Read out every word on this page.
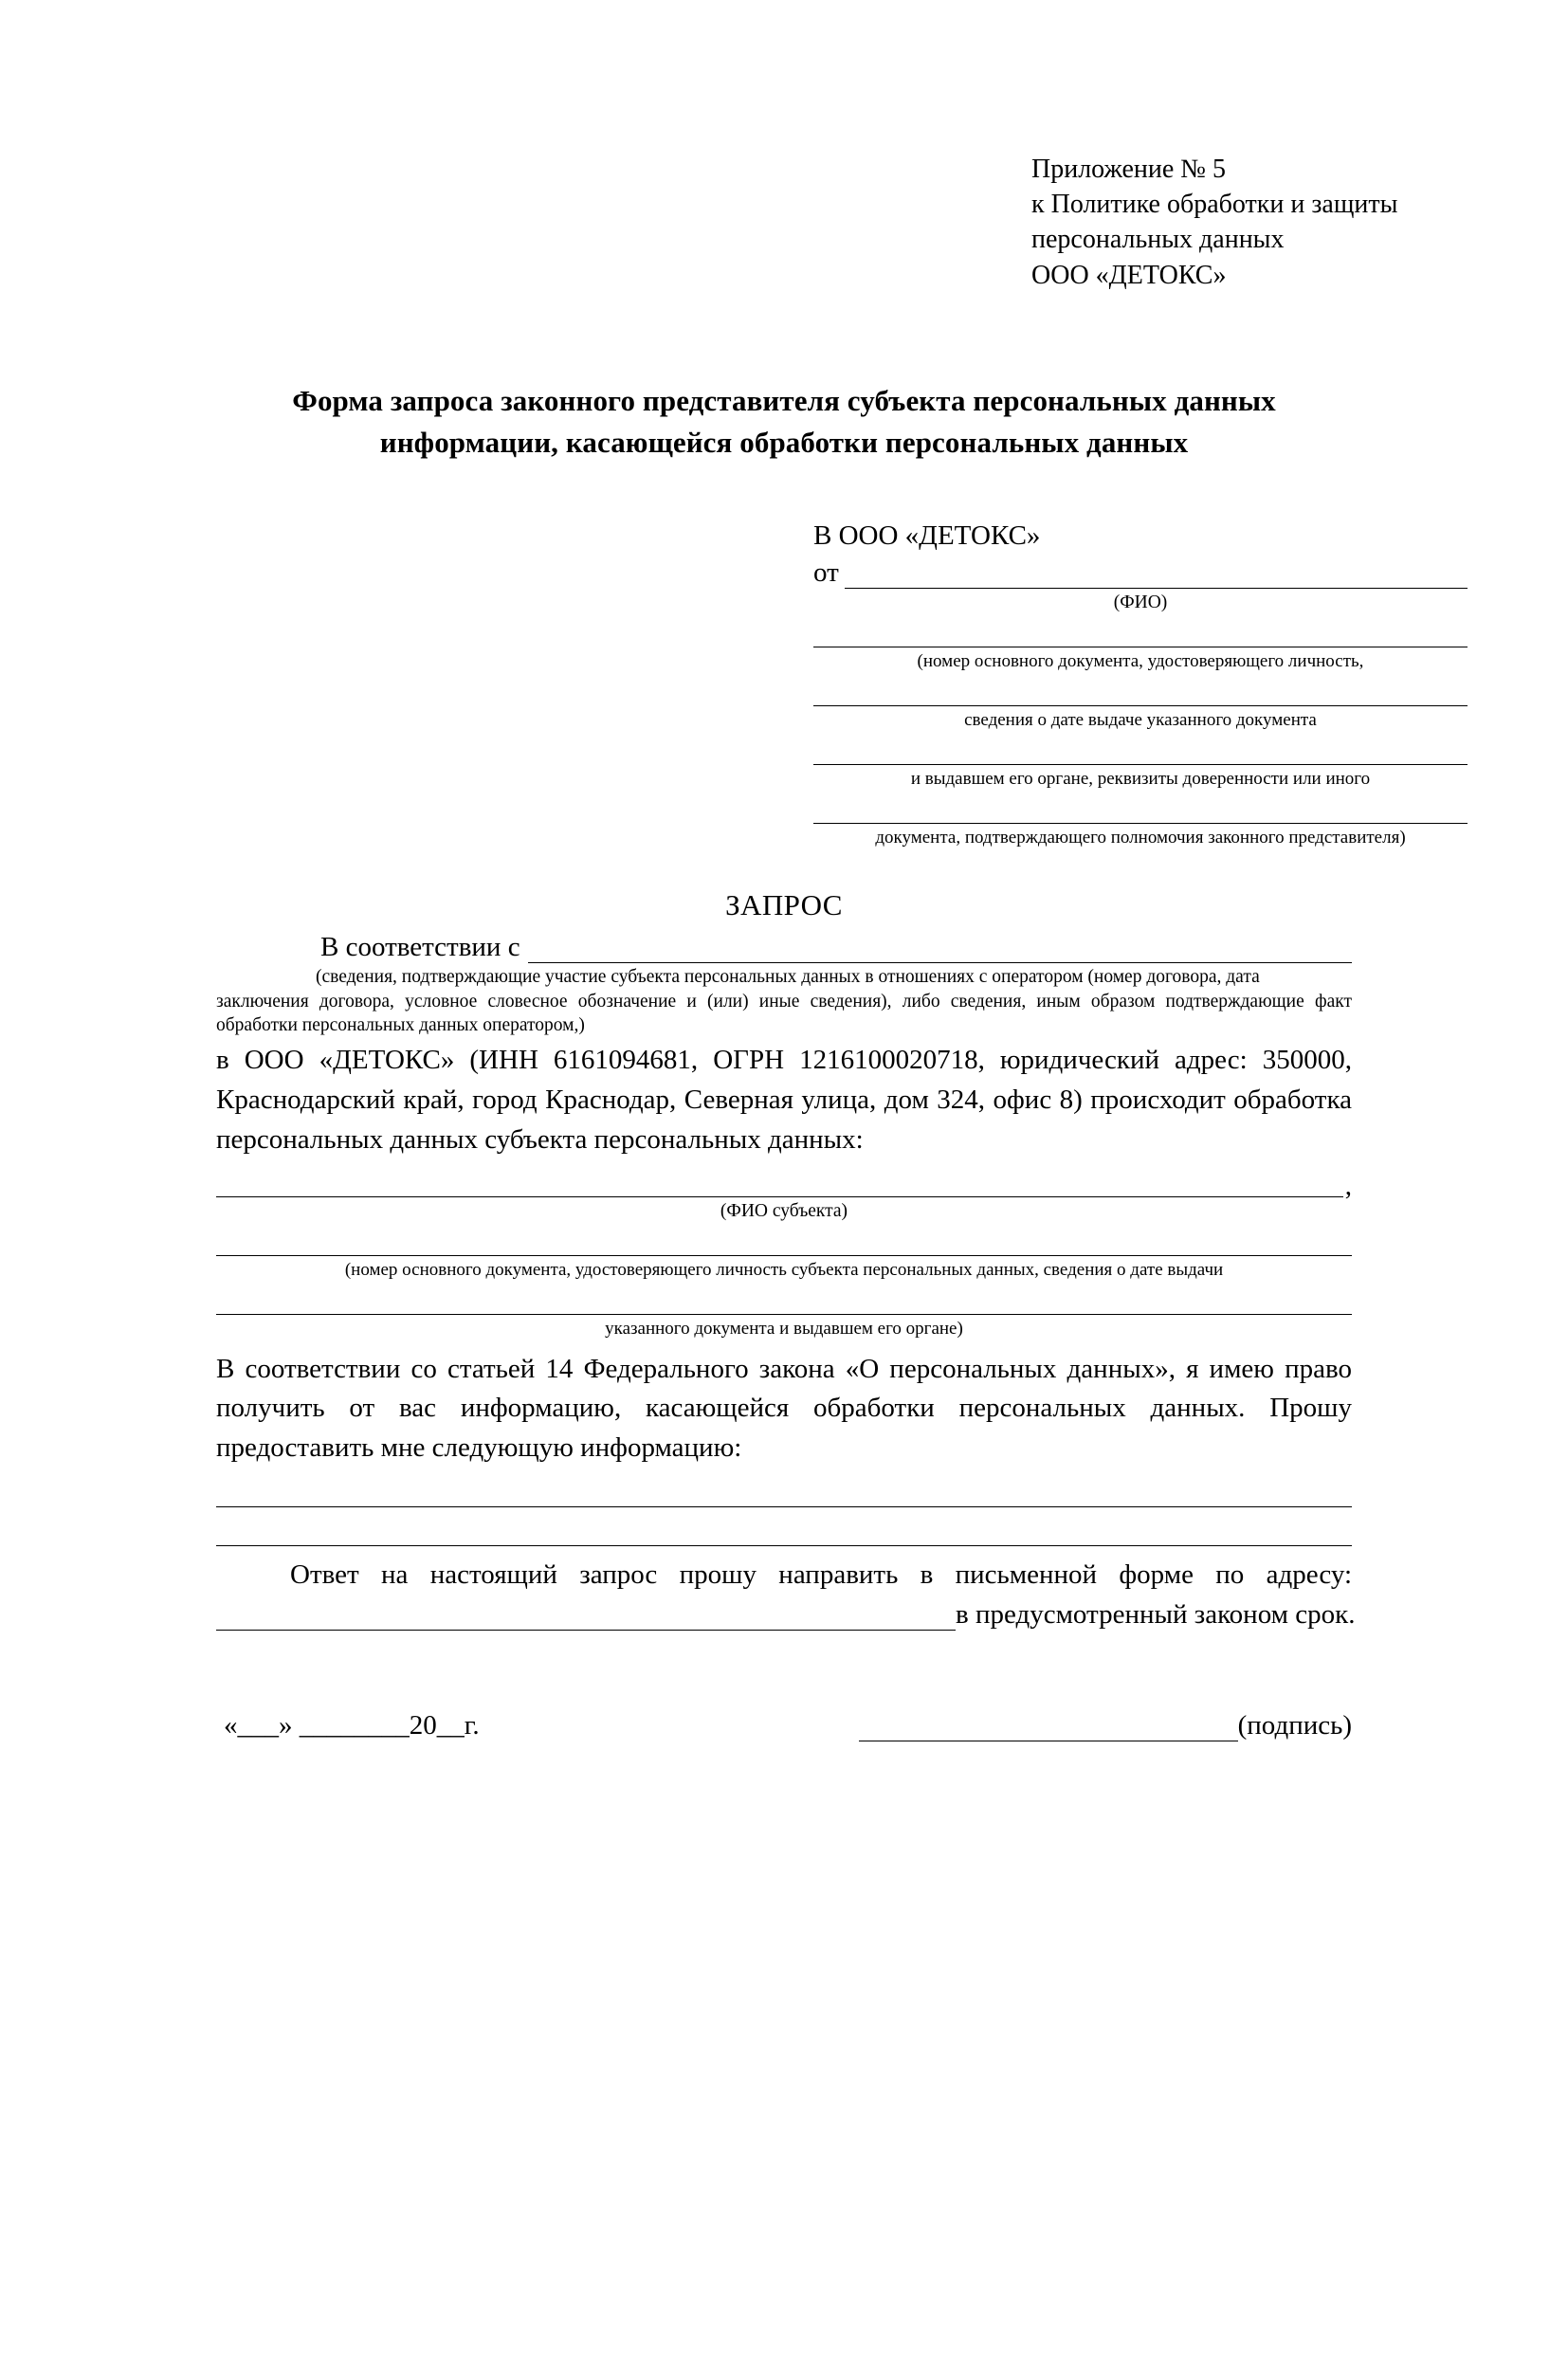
Приложение № 5
к Политике обработки и защиты
персональных данных
ООО «ДЕТОКС»
Форма запроса законного представителя субъекта персональных данных
информации, касающейся обработки персональных данных
В ООО «ДЕТОКС»
от
(ФИО)
(номер основного документа, удостоверяющего личность,
сведения о дате выдаче указанного документа
и выдавшем его органе, реквизиты доверенности или иного
документа, подтверждающего полномочия законного представителя)
ЗАПРОС
В соответствии с
(сведения, подтверждающие участие субъекта персональных данных в отношениях с оператором (номер договора, дата
заключения договора, условное словесное обозначение и (или) иные сведения), либо сведения, иным образом подтверждающие факт обработки персональных данных оператором,)
в ООО «ДЕТОКС» (ИНН 6161094681, ОГРН 1216100020718, юридический адрес: 350000, Краснодарский край, город Краснодар, Северная улица, дом 324, офис 8) происходит обработка персональных данных субъекта персональных данных:
,
(ФИО субъекта)
(номер основного документа, удостоверяющего личность субъекта персональных данных, сведения о дате выдачи
указанного документа и выдавшем его органе)
В соответствии со статьей 14 Федерального закона «О персональных данных», я имею право получить от вас информацию, касающейся обработки персональных данных. Прошу предоставить мне следующую информацию:
Ответ на настоящий запрос прошу направить в письменной форме по адресу:
в предусмотренный законом срок.
«___» ________20__г.	(подпись)
